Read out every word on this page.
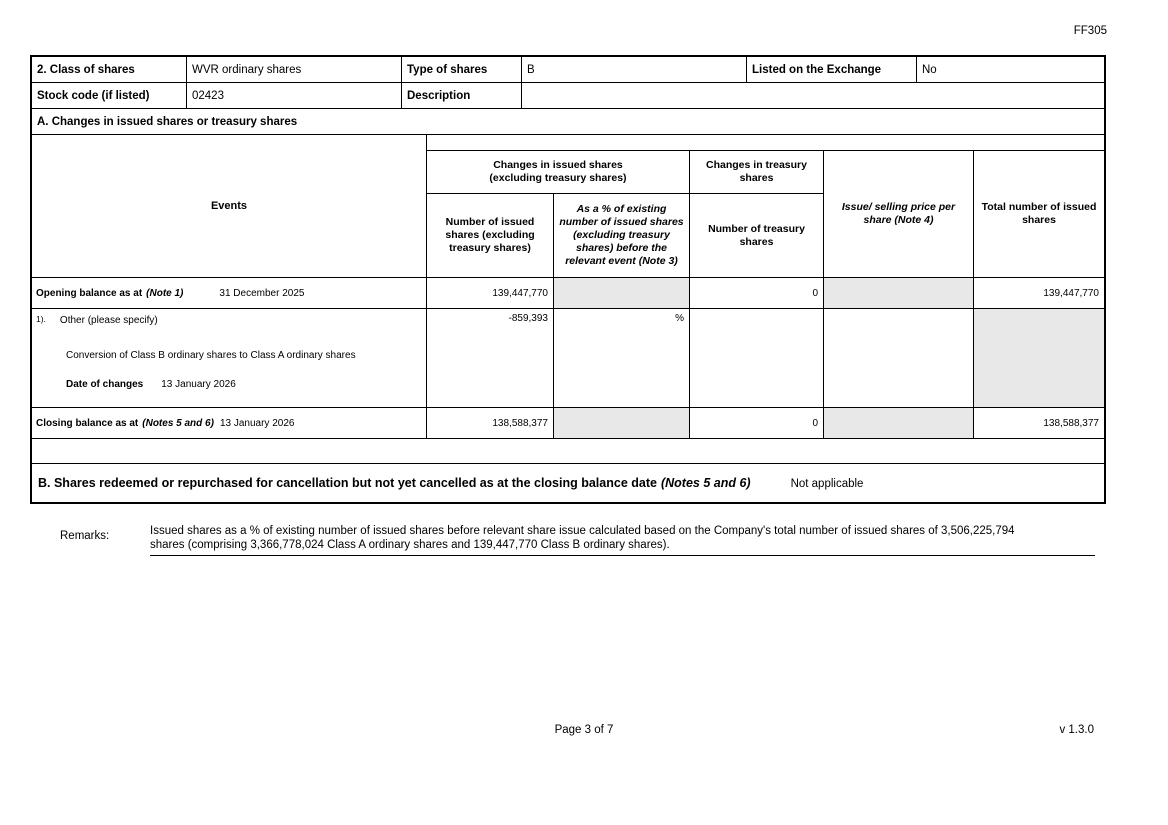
FF305
2. Class of shares	WVR ordinary shares	Type of shares	B	Listed on the Exchange	No
Stock code (if listed)	02423	Description			
A. Changes in issued shares or treasury shares					
Events					

	Changes in issued shares (excluding treasury shares)		Changes in treasury shares	Issue/ selling price per share (Note 4)	Total number of issued shares

	Number of issued shares (excluding treasury shares)	As a % of existing number of issued shares (excluding treasury shares) before the relevant event (Note 3)	Number of treasury shares		
Opening balance as at (Note 1) 31 December 2025	139,447,770		0		139,447,770

$^{1).}$ Other (please specify)
Conversion of Class B ordinary shares to Class A ordinary shares
Date of changes 13 January 2026	-859,393	%			
Closing balance as at (Notes 5 and 6) 13 January 2026	138,588,377		0		138,588,377

B. Shares redeemed or repurchased for cancellation but not yet cancelled as at the closing balance date (Notes 5 and 6) Not applicable					
Remarks:	Issued shares as a % of existing number of issued shares before relevant share issue calculated based on the Company's total number of issued shares of 3,506,225,794 shares (comprising 3,366,778,024 Class A ordinary shares and 139,447,770 Class B ordinary shares).
Page 3 of 7	v 1.3.0
